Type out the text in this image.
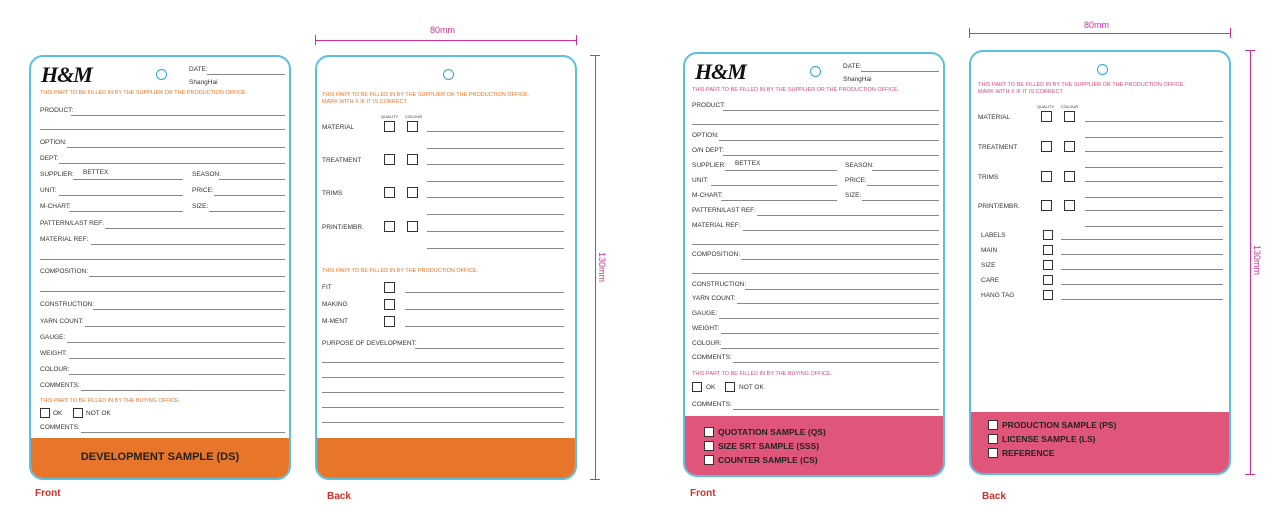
H&M	DATE:
ShangHai
THIS PART TO BE FILLED IN BY THE SUPPLIER OR THE PRODUCTION OFFICE.
PRODUCT:
OPTION:
DEPT:
SUPPLIER: BETTEX	SEASON:
UNIT:	PRICE:
M-CHART:	SIZE:
PATTERN/LAST REF:
MATERIAL REF:
COMPOSITION:
CONSTRUCTION:
YARN COUNT:
GAUGE:
WEIGHT:
COLOUR:
COMMENTS:
THIS PART TO BE FILLED IN BY THE BUYING OFFICE.
OK	NOT OK
COMMENTS:
DEVELOPMENT SAMPLE (DS)
Front
THIS PART TO BE FILLED IN BY THE SUPPLIER OR THE PRODUCTION OFFICE.
MARK WITH X IF IT IS CORRECT.
QUALITY COLOUR
MATERIAL
TREATMENT
TRIMS
PRINT/EMBR.
THIS PART TO BE FILLED IN BY THE PRODUCTION OFFICE.
FIT
MAKING
M-MENT
PURPOSE OF DEVELOPMENT:
Back
80mm
130mm
H&M	DATE:
ShangHai
THIS PART TO BE FILLED IN BY THE SUPPLIER OR THE PRODUCTION OFFICE.
PRODUCT:
OPTION:
O/N DEPT:
SUPPLIER: BETTEX	SEASON:
UNIT:	PRICE:
M-CHART:	SIZE:
PATTERN/LAST REF:
MATERIAL REF:
COMPOSITION:
CONSTRUCTION:
YARN COUNT:
GAUGE:
WEIGHT:
COLOUR:
COMMENTS:
THIS PART TO BE FILLED IN BY THE BUYING OFFICE.
OK	NOT OK
COMMENTS:
QUOTATION SAMPLE (QS)
SIZE SRT SAMPLE (SSS)
COUNTER SAMPLE (CS)
Front
THIS PART TO BE FILLED IN BY THE SUPPLIER OR THE PRODUCTION OFFICE.
MARK WITH X IF IT IS CORRECT.
QUALITY COLOUR
MATERIAL
TREATMENT
TRIMS
PRINT/EMBR.
LABELS
MAIN
SIZE
CARE
HANG TAG
PRODUCTION SAMPLE (PS)
LICENSE SAMPLE (LS)
REFERENCE
Back
80mm
130mm
